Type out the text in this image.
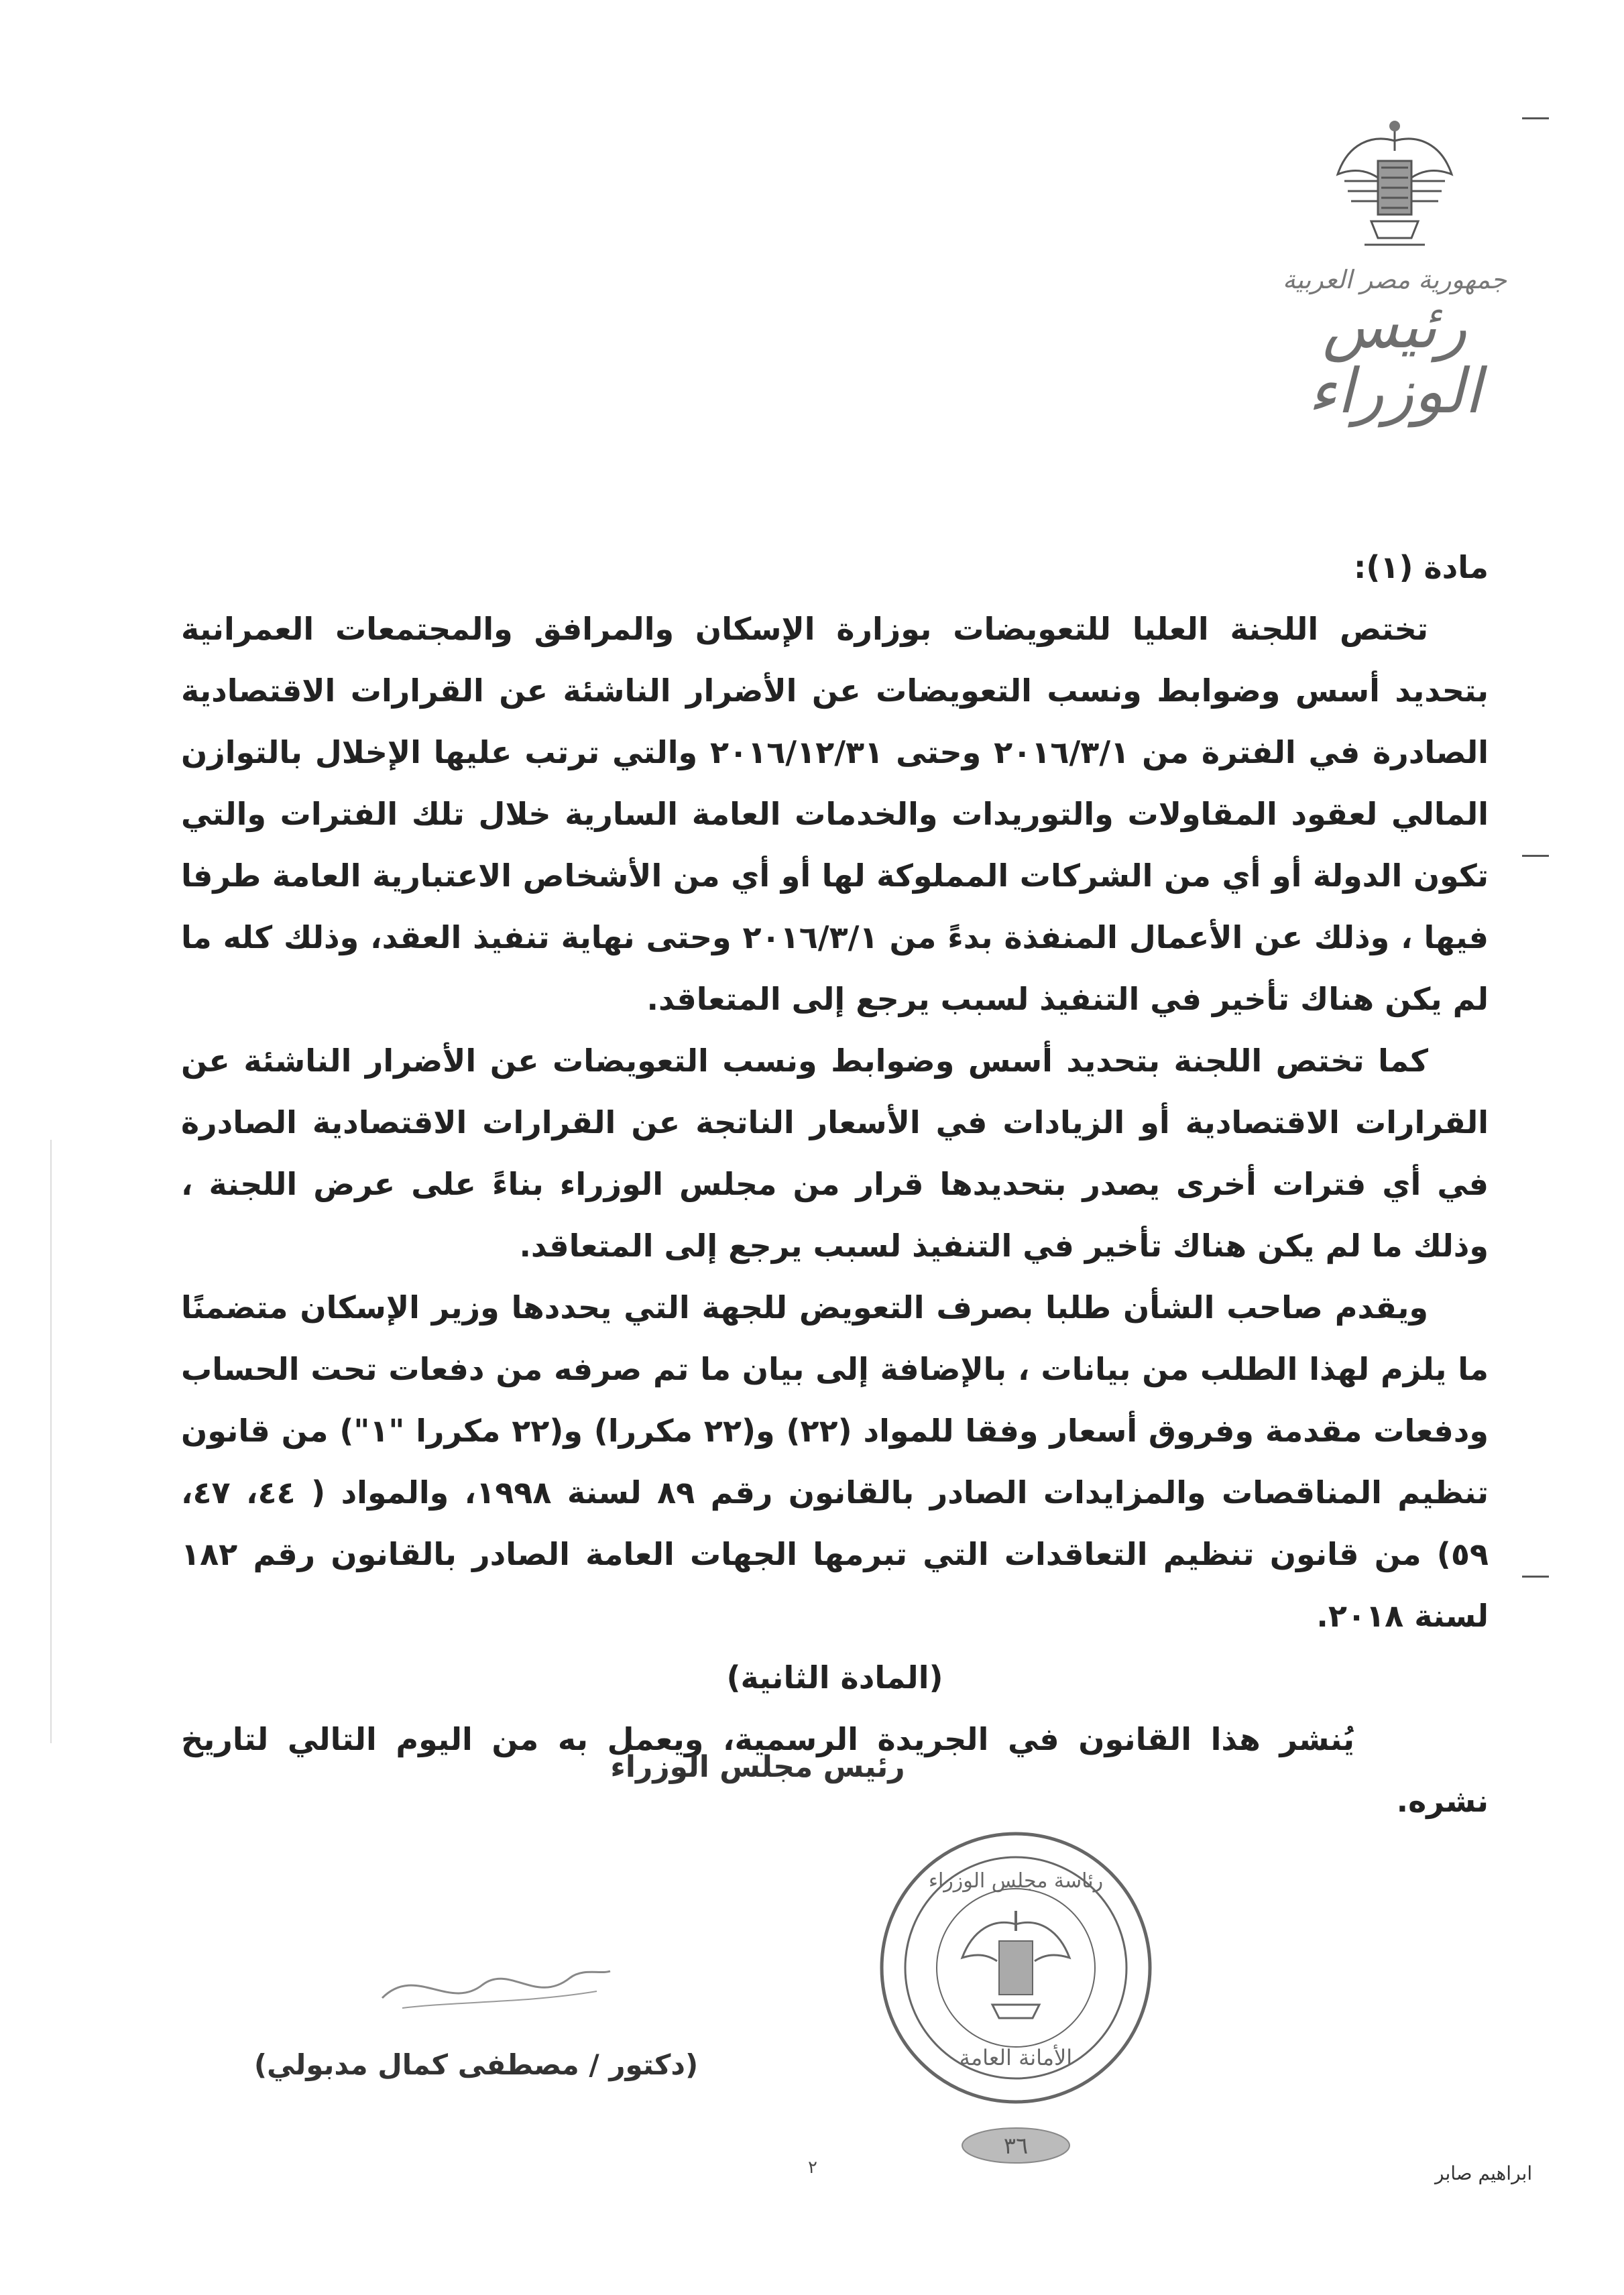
جمهورية مصر العربية
رئيس الوزراء

مادة (١):

تختص اللجنة العليا للتعويضات بوزارة الإسكان والمرافق والمجتمعات العمرانية بتحديد أسس وضوابط ونسب التعويضات عن الأضرار الناشئة عن القرارات الاقتصادية الصادرة في الفترة من ٢٠١٦/٣/١ وحتى ٢٠١٦/١٢/٣١ والتي ترتب عليها الإخلال بالتوازن المالي لعقود المقاولات والتوريدات والخدمات العامة السارية خلال تلك الفترات والتي تكون الدولة أو أي من الشركات المملوكة لها أو أي من الأشخاص الاعتبارية العامة طرفا فيها ، وذلك عن الأعمال المنفذة بدءً من ٢٠١٦/٣/١ وحتى نهاية تنفيذ العقد، وذلك كله ما لم يكن هناك تأخير في التنفيذ لسبب يرجع إلى المتعاقد.

كما تختص اللجنة بتحديد أسس وضوابط ونسب التعويضات عن الأضرار الناشئة عن القرارات الاقتصادية أو الزيادات في الأسعار الناتجة عن القرارات الاقتصادية الصادرة في أي فترات أخرى يصدر بتحديدها قرار من مجلس الوزراء بناءً على عرض اللجنة ، وذلك ما لم يكن هناك تأخير في التنفيذ لسبب يرجع إلى المتعاقد.

ويقدم صاحب الشأن طلبا بصرف التعويض للجهة التي يحددها وزير الإسكان متضمنًا ما يلزم لهذا الطلب من بيانات ، بالإضافة إلى بيان ما تم صرفه من دفعات تحت الحساب ودفعات مقدمة وفروق أسعار وفقا للمواد (٢٢) و(٢٢ مكررا) و(٢٢ مكررا "١") من قانون تنظيم المناقصات والمزايدات الصادر بالقانون رقم ٨٩ لسنة ١٩٩٨، والمواد ( ٤٤، ٤٧، ٥٩) من قانون تنظيم التعاقدات التي تبرمها الجهات العامة الصادر بالقانون رقم ١٨٢ لسنة ٢٠١٨.

(المادة الثانية)

يُنشر هذا القانون في الجريدة الرسمية، ويعمل به من اليوم التالي لتاريخ نشره.

رئيس مجلس الوزراء
(دكتور / مصطفى كمال مدبولي)
رئاسة مجلس الوزراء
الأمانة العامة
٣٦
٢	ابراهيم صابر
